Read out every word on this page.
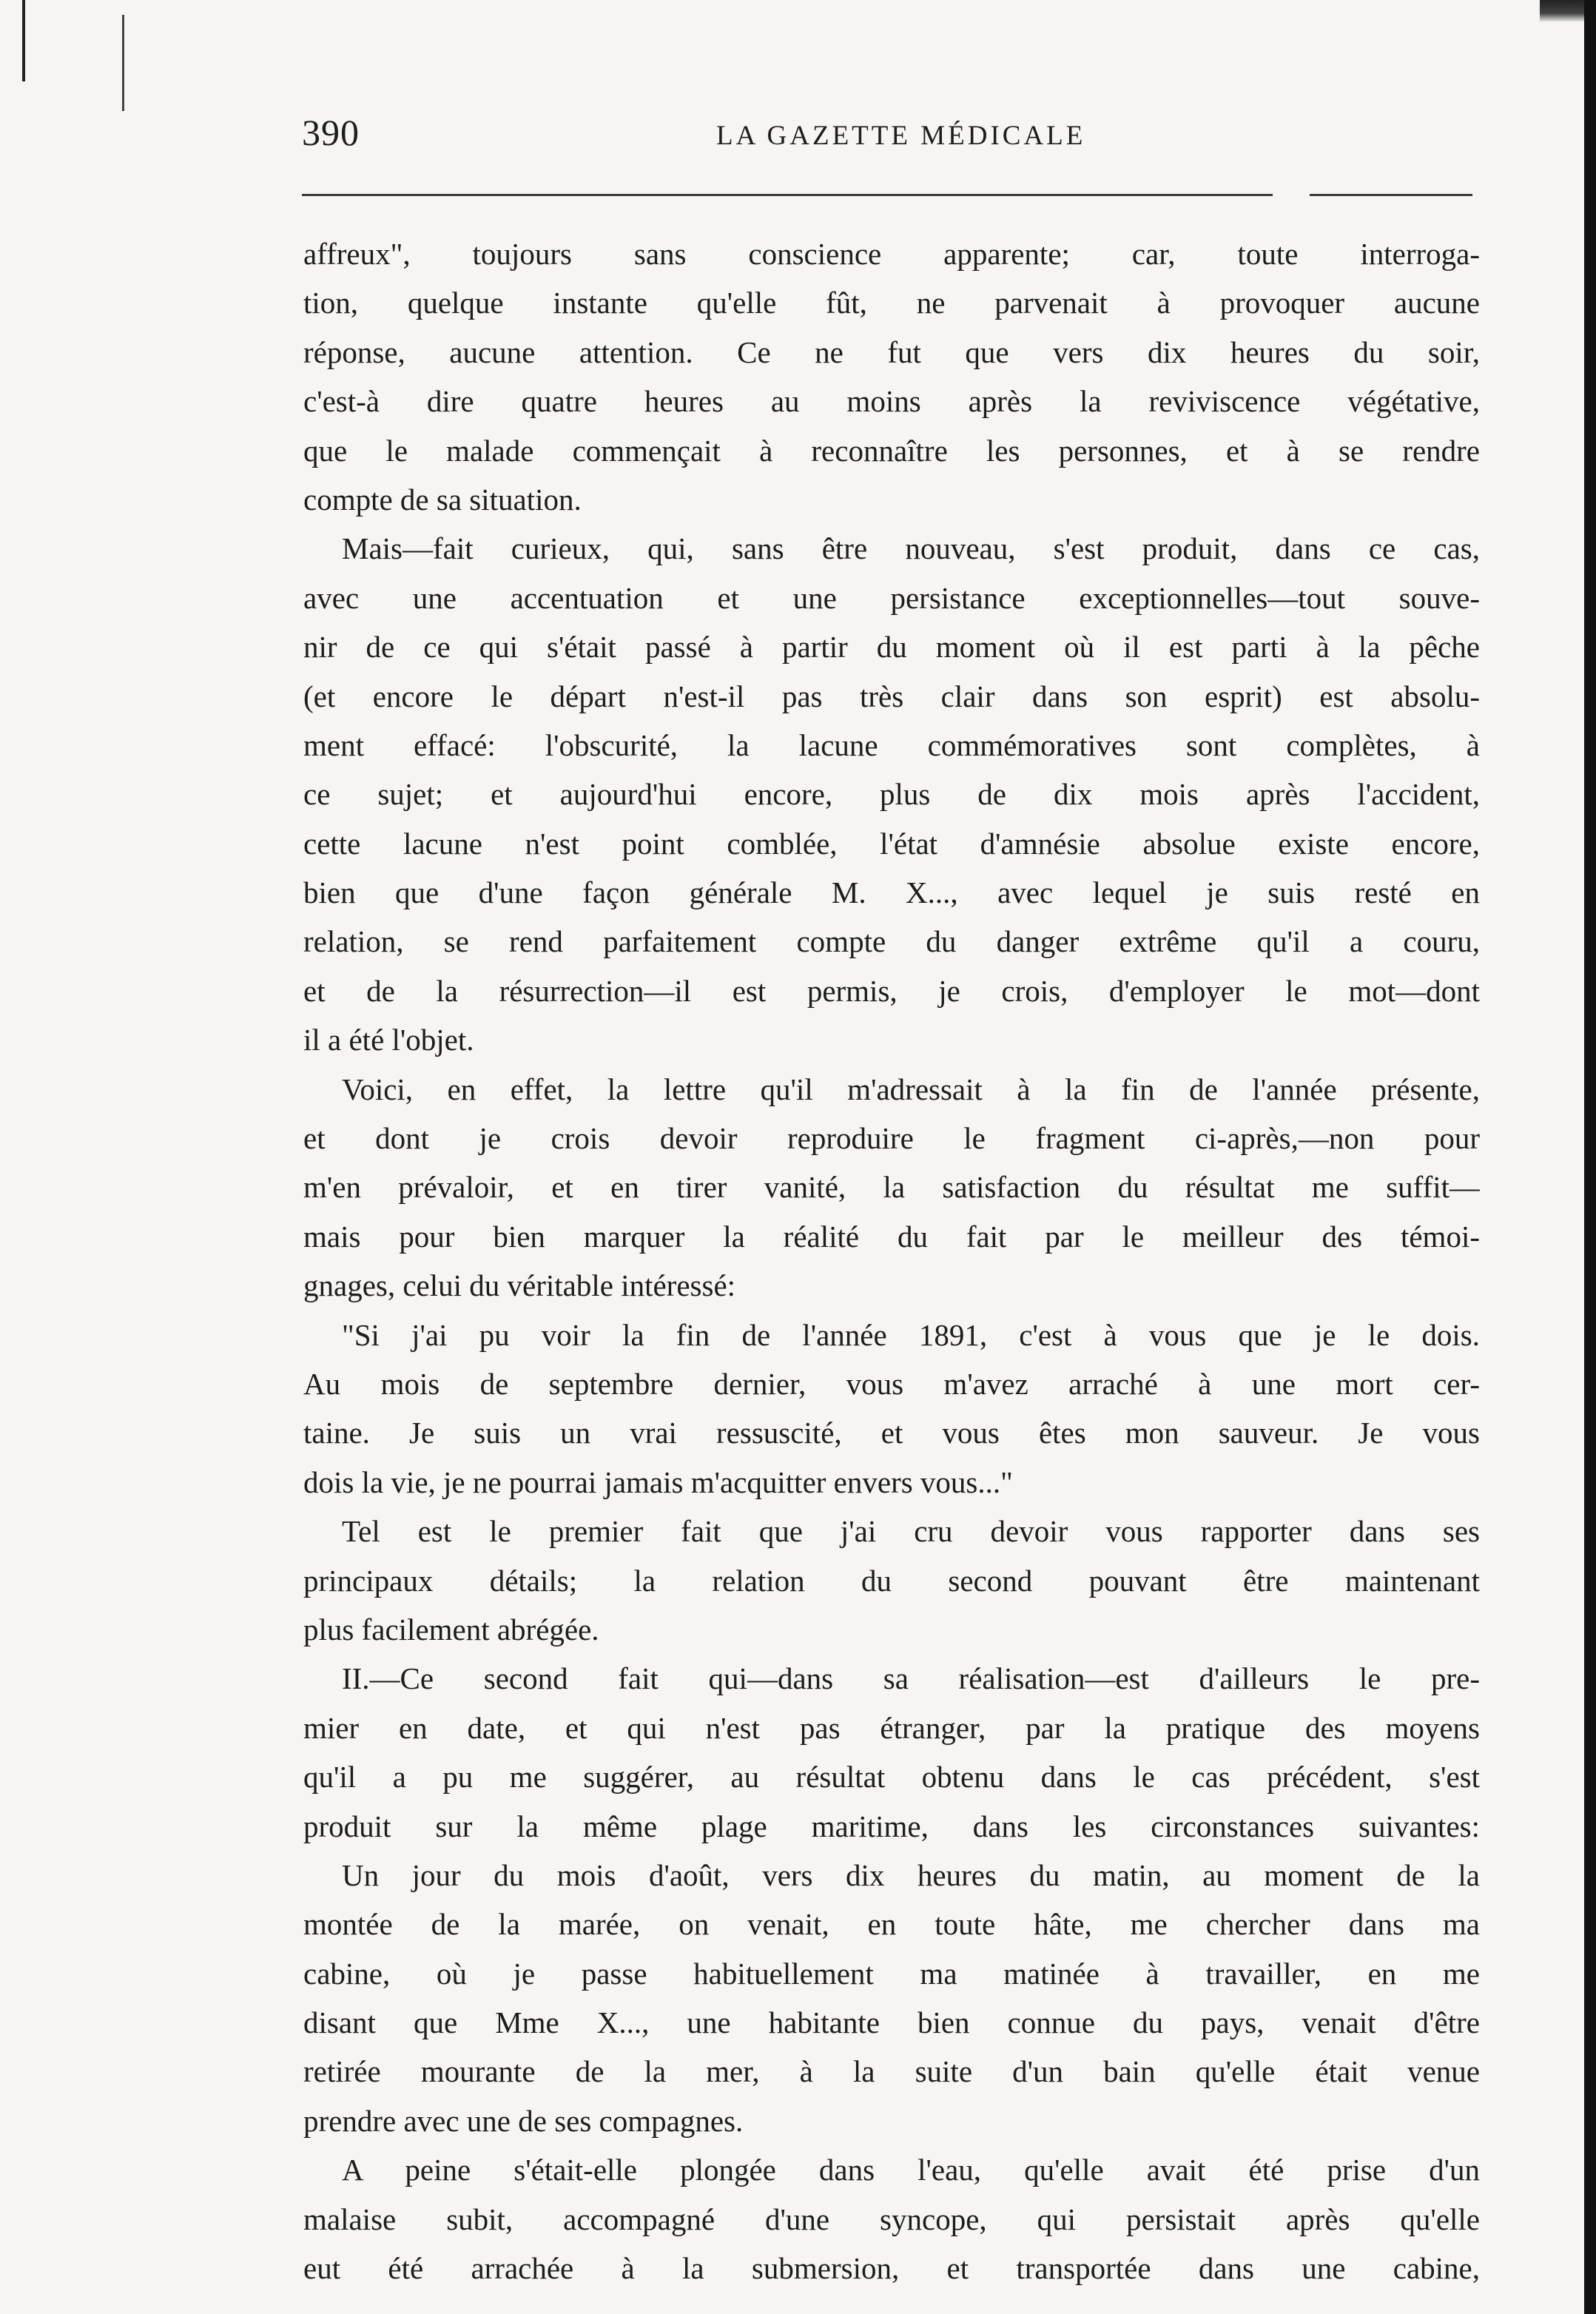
390	LA GAZETTE MÉDICALE
affreux", toujours sans conscience apparente; car, toute interroga-
tion, quelque instante qu'elle fût, ne parvenait à provoquer aucune
réponse, aucune attention. Ce ne fut que vers dix heures du soir,
c'est-à dire quatre heures au moins après la reviviscence végétative,
que le malade commençait à reconnaître les personnes, et à se rendre
compte de sa situation.
Mais—fait curieux, qui, sans être nouveau, s'est produit, dans ce cas,
avec une accentuation et une persistance exceptionnelles—tout souve-
nir de ce qui s'était passé à partir du moment où il est parti à la pêche
(et encore le départ n'est-il pas très clair dans son esprit) est absolu-
ment effacé: l'obscurité, la lacune commémoratives sont complètes, à
ce sujet; et aujourd'hui encore, plus de dix mois après l'accident,
cette lacune n'est point comblée, l'état d'amnésie absolue existe encore,
bien que d'une façon générale M. X..., avec lequel je suis resté en
relation, se rend parfaitement compte du danger extrême qu'il a couru,
et de la résurrection—il est permis, je crois, d'employer le mot—dont
il a été l'objet.
Voici, en effet, la lettre qu'il m'adressait à la fin de l'année présente,
et dont je crois devoir reproduire le fragment ci-après,—non pour
m'en prévaloir, et en tirer vanité, la satisfaction du résultat me suffit—
mais pour bien marquer la réalité du fait par le meilleur des témoi-
gnages, celui du véritable intéressé:
"Si j'ai pu voir la fin de l'année 1891, c'est à vous que je le dois.
Au mois de septembre dernier, vous m'avez arraché à une mort cer-
taine. Je suis un vrai ressuscité, et vous êtes mon sauveur. Je vous
dois la vie, je ne pourrai jamais m'acquitter envers vous..."
Tel est le premier fait que j'ai cru devoir vous rapporter dans ses
principaux détails; la relation du second pouvant être maintenant
plus facilement abrégée.
II.—Ce second fait qui—dans sa réalisation—est d'ailleurs le pre-
mier en date, et qui n'est pas étranger, par la pratique des moyens
qu'il a pu me suggérer, au résultat obtenu dans le cas précédent, s'est
produit sur la même plage maritime, dans les circonstances suivantes:
Un jour du mois d'août, vers dix heures du matin, au moment de la
montée de la marée, on venait, en toute hâte, me chercher dans ma
cabine, où je passe habituellement ma matinée à travailler, en me
disant que Mme X..., une habitante bien connue du pays, venait d'être
retirée mourante de la mer, à la suite d'un bain qu'elle était venue
prendre avec une de ses compagnes.
A peine s'était-elle plongée dans l'eau, qu'elle avait été prise d'un
malaise subit, accompagné d'une syncope, qui persistait après qu'elle
eut été arrachée à la submersion, et transportée dans une cabine,
